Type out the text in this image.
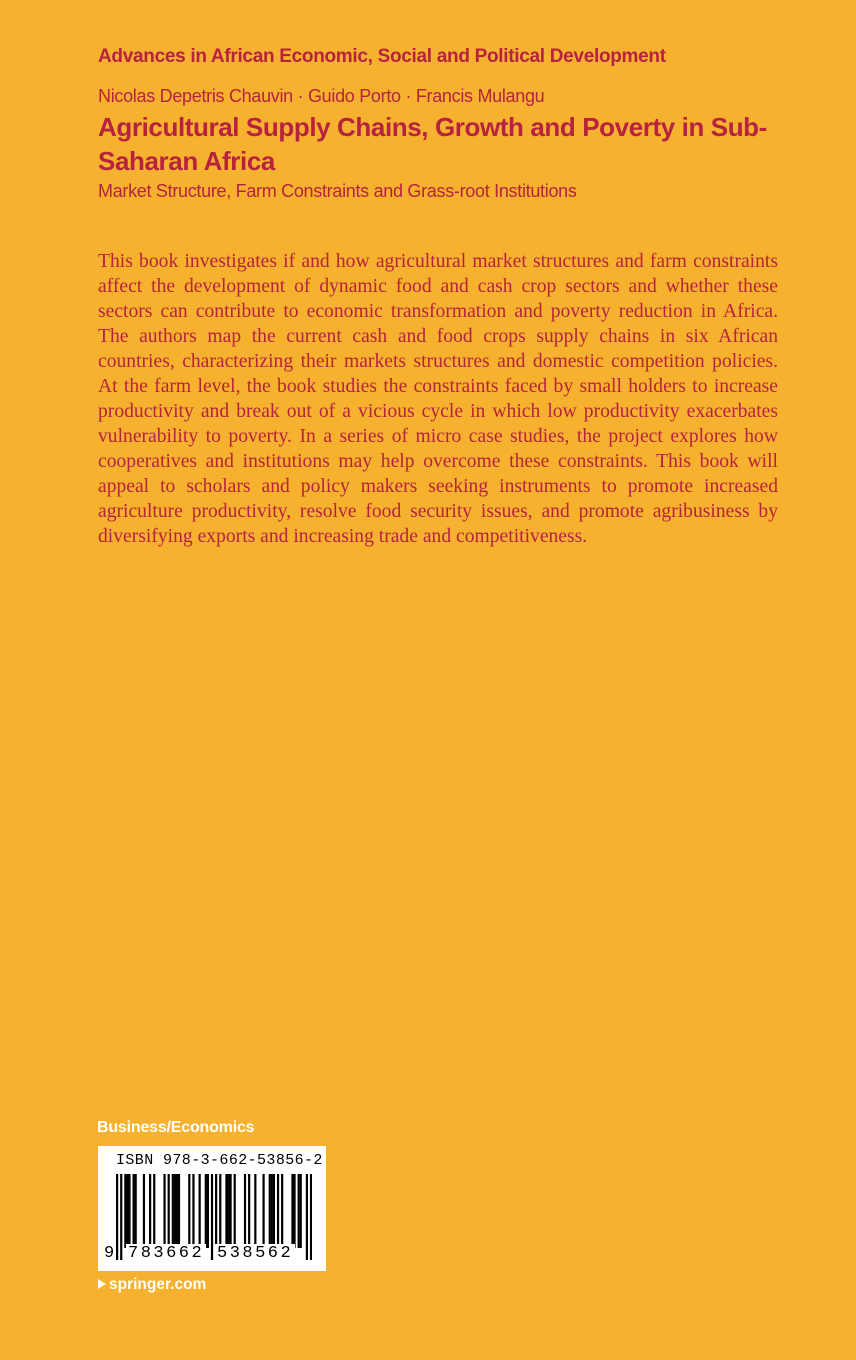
Advances in African Economic, Social and Political Development
Nicolas Depetris Chauvin · Guido Porto · Francis Mulangu
Agricultural Supply Chains, Growth and Poverty in Sub-Saharan Africa
Market Structure, Farm Constraints and Grass-root Institutions

This book investigates if and how agricultural market structures and farm constraints affect the development of dynamic food and cash crop sectors and whether these sectors can contribute to economic transformation and poverty reduction in Africa. The authors map the current cash and food crops supply chains in six African countries, characterizing their markets structures and domestic competition policies. At the farm level, the book studies the constraints faced by small holders to increase productivity and break out of a vicious cycle in which low productivity exacerbates vulnerability to poverty. In a series of micro case studies, the project explores how cooperatives and institutions may help overcome these constraints. This book will appeal to scholars and policy makers seeking instruments to promote increased agriculture productivity, resolve food security issues, and promote agribusiness by diversifying exports and increasing trade and competitiveness.

Business/Economics
ISBN 978-3-662-53856-2
9 783662 538562
springer.com
